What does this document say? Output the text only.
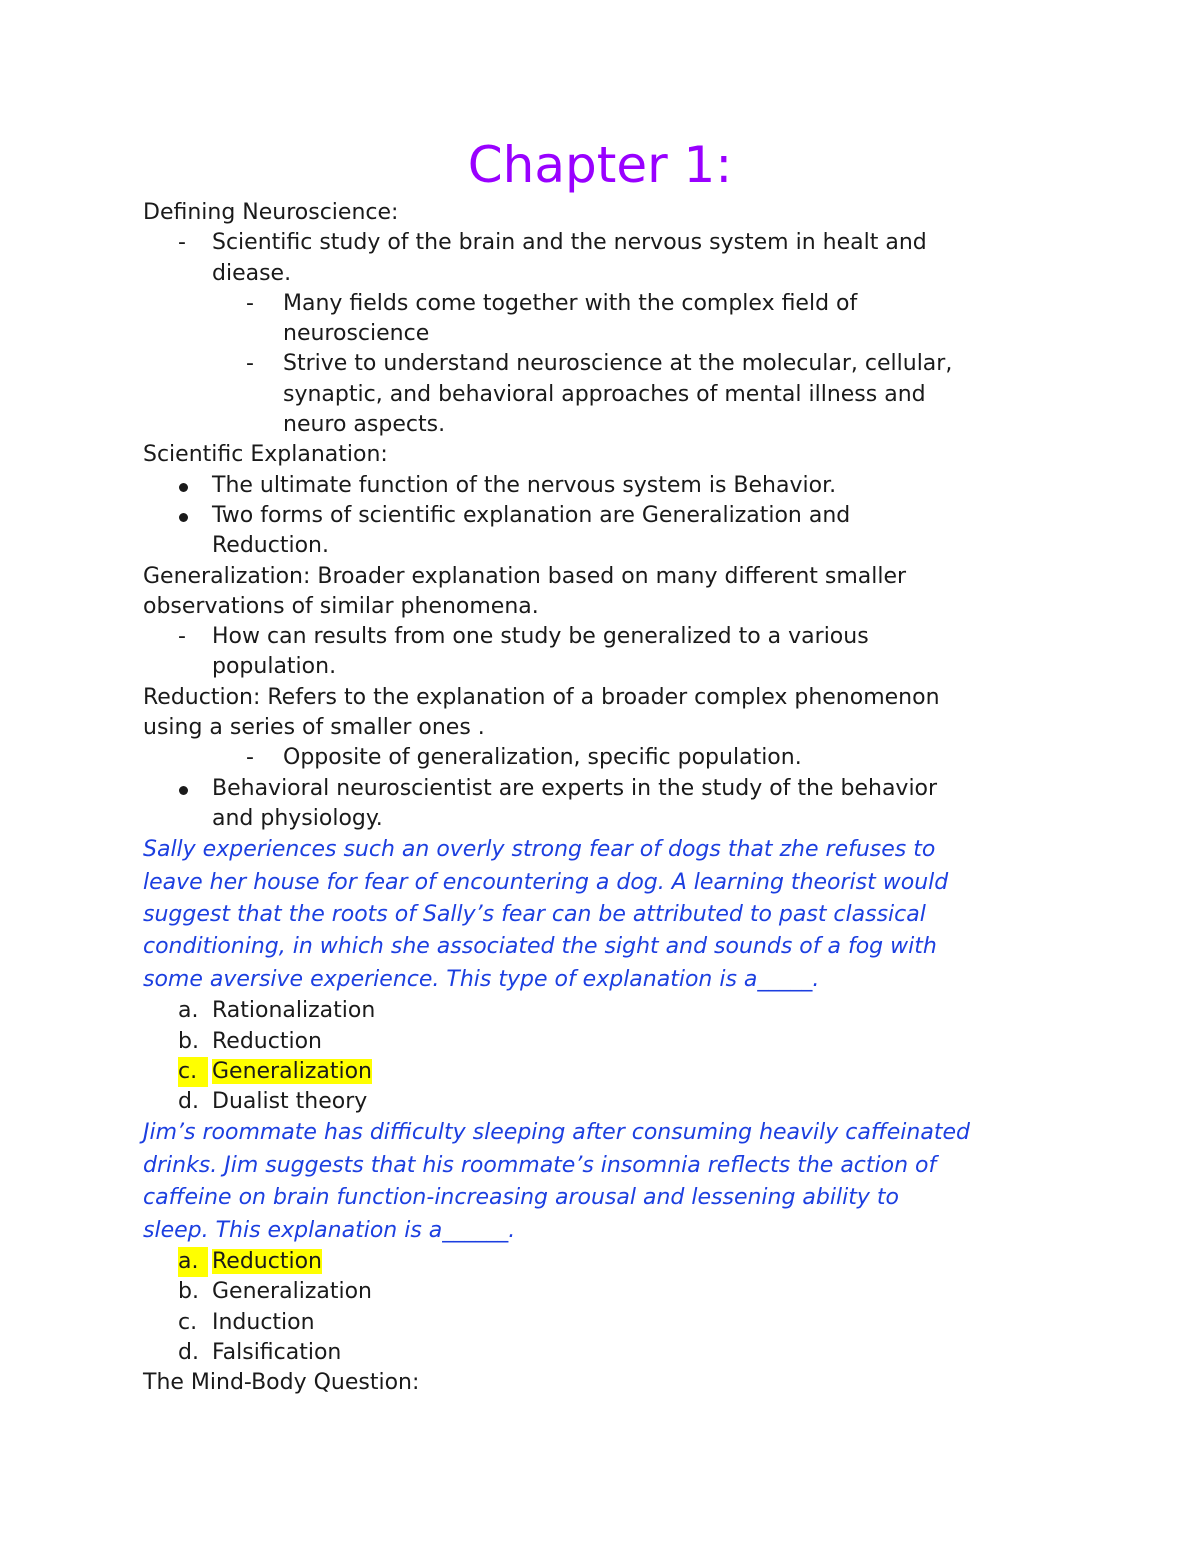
Chapter 1:
Defining Neuroscience:
-	Scientific study of the brain and the nervous system in healt and
diease.
-	Many fields come together with the complex field of
neuroscience
-	Strive to understand neuroscience at the molecular, cellular,
synaptic, and behavioral approaches of mental illness and
neuro aspects.
Scientific Explanation:
The ultimate function of the nervous system is Behavior.
Two forms of scientific explanation are Generalization and
Reduction.
Generalization: Broader explanation based on many different smaller
observations of similar phenomena.
-	How can results from one study be generalized to a various
population.
Reduction: Refers to the explanation of a broader complex phenomenon
using a series of smaller ones .
-	Opposite of generalization, specific population.
Behavioral neuroscientist are experts in the study of the behavior
and physiology.
Sally experiences such an overly strong fear of dogs that zhe refuses to
leave her house for fear of encountering a dog. A learning theorist would
suggest that the roots of Sally’s fear can be attributed to past classical
conditioning, in which she associated the sight and sounds of a fog with
some aversive experience. This type of explanation is a_____.
a. Rationalization
b. Reduction
c. Generalization
d. Dualist theory
Jim’s roommate has difficulty sleeping after consuming heavily caffeinated
drinks. Jim suggests that his roommate’s insomnia reflects the action of
caffeine on brain function-increasing arousal and lessening ability to
sleep. This explanation is a______.
a. Reduction
b. Generalization
c. Induction
d. Falsification
The Mind-Body Question:
